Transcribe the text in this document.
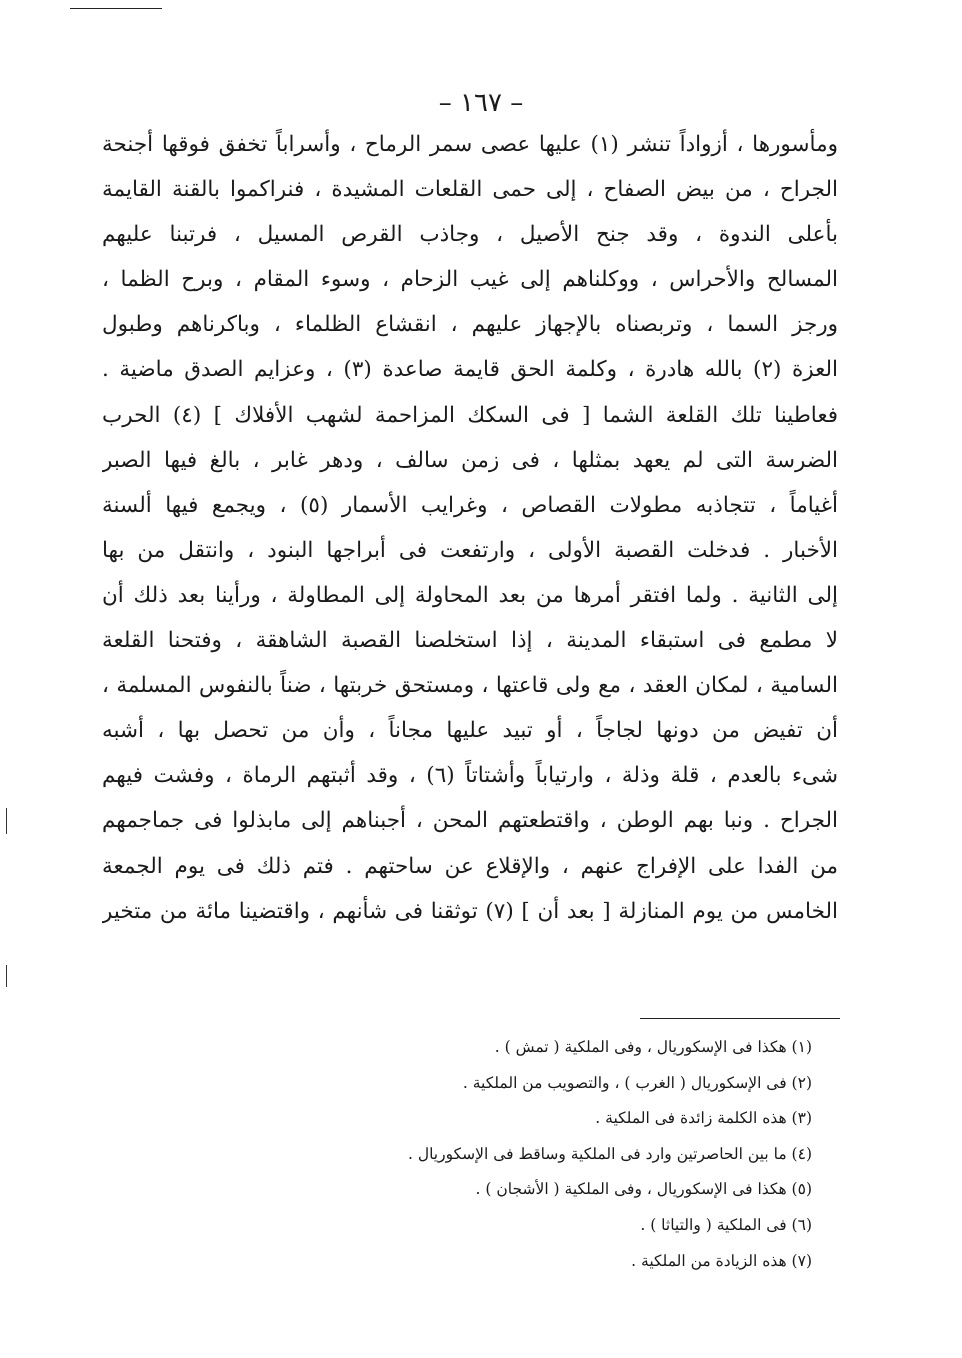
– ١٦٧ –
ومأسورها ، أزواداً تنشر (١) عليها عصى سمر الرماح ، وأسراباً تخفق فوقها أجنحة
الجراح ، من بيض الصفاح ، إلى حمى القلعات المشيدة ، فنراكموا بالقنة القايمة
بأعلى الندوة ، وقد جنح الأصيل ، وجاذب القرص المسيل ، فرتبنا عليهم
المسالح والأحراس ، ووكلناهم إلى غيب الزحام ، وسوء المقام ، وبرح الظما ،
ورجز السما ، وتربصناه بالإجهاز عليهم ، انقشاع الظلماء ، وباكرناهم وطبول
العزة (٢) بالله هادرة ، وكلمة الحق قايمة صاعدة (٣) ، وعزايم الصدق ماضية .
فعاطينا تلك القلعة الشما [ فى السكك المزاحمة لشهب الأفلاك ] (٤) الحرب
الضرسة التى لم يعهد بمثلها ، فى زمن سالف ، ودهر غابر ، بالغ فيها الصبر
أغياماً ، تتجاذبه مطولات القصاص ، وغرايب الأسمار (٥) ، ويجمع فيها ألسنة
الأخبار . فدخلت القصبة الأولى ، وارتفعت فى أبراجها البنود ، وانتقل من بها
إلى الثانية . ولما افتقر أمرها من بعد المحاولة إلى المطاولة ، ورأينا بعد ذلك أن
لا مطمع فى استبقاء المدينة ، إذا استخلصنا القصبة الشاهقة ، وفتحنا القلعة
السامية ، لمكان العقد ، مع ولى قاعتها ، ومستحق خربتها ، ضناً بالنفوس المسلمة ،
أن تفيض من دونها لجاجاً ، أو تبيد عليها مجاناً ، وأن من تحصل بها ، أشبه
شىء بالعدم ، قلة وذلة ، وارتياباً وأشتاتاً (٦) ، وقد أثبتهم الرماة ، وفشت فيهم
الجراح . ونبا بهم الوطن ، واقتطعتهم المحن ، أجبناهم إلى مابذلوا فى جماجمهم
من الفدا على الإفراج عنهم ، والإقلاع عن ساحتهم . فتم ذلك فى يوم الجمعة
الخامس من يوم المنازلة [ بعد أن ] (٧) توثقنا فى شأنهم ، واقتضينا مائة من متخير
(١) هكذا فى الإسكوريال ، وفى الملكية ( تمش ) .
(٢) فى الإسكوريال ( الغرب ) ، والتصويب من الملكية .
(٣) هذه الكلمة زائدة فى الملكية .
(٤) ما بين الحاصرتين وارد فى الملكية وساقط فى الإسكوريال .
(٥) هكذا فى الإسكوريال ، وفى الملكية ( الأشجان ) .
(٦) فى الملكية ( والتياثا ) .
(٧) هذه الزيادة من الملكية .
